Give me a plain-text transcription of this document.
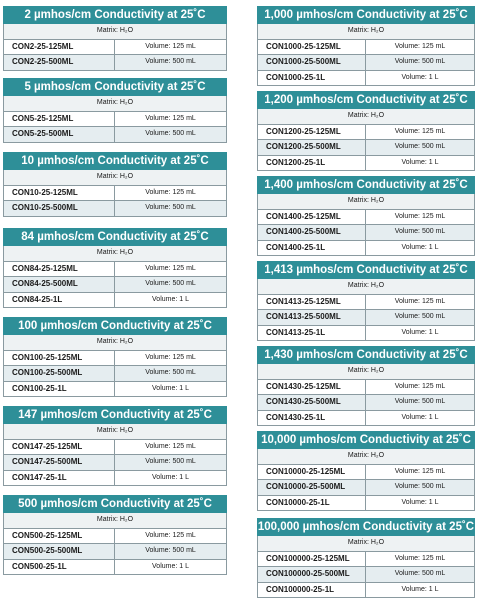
2 µmhos/cm Conductivity at 25˚C
Matrix: H₂O
CON2-25-125ML	Volume: 125 mL
CON2-25-500ML	Volume: 500 mL
5 µmhos/cm Conductivity at 25˚C
Matrix: H₂O
CON5-25-125ML	Volume: 125 mL
CON5-25-500ML	Volume: 500 mL
10 µmhos/cm Conductivity at 25˚C
Matrix: H₂O
CON10-25-125ML	Volume: 125 mL
CON10-25-500ML	Volume: 500 mL
84 µmhos/cm Conductivity at 25˚C
Matrix: H₂O
CON84-25-125ML	Volume: 125 mL
CON84-25-500ML	Volume: 500 mL
CON84-25-1L	Volume: 1 L
100 µmhos/cm Conductivity at 25˚C
Matrix: H₂O
CON100-25-125ML	Volume: 125 mL
CON100-25-500ML	Volume: 500 mL
CON100-25-1L	Volume: 1 L
147 µmhos/cm Conductivity at 25˚C
Matrix: H₂O
CON147-25-125ML	Volume: 125 mL
CON147-25-500ML	Volume: 500 mL
CON147-25-1L	Volume: 1 L
500 µmhos/cm Conductivity at 25˚C
Matrix: H₂O
CON500-25-125ML	Volume: 125 mL
CON500-25-500ML	Volume: 500 mL
CON500-25-1L	Volume: 1 L
1,000 µmhos/cm Conductivity at 25˚C
Matrix: H₂O
CON1000-25-125ML	Volume: 125 mL
CON1000-25-500ML	Volume: 500 mL
CON1000-25-1L	Volume: 1 L
1,200 µmhos/cm Conductivity at 25˚C
Matrix: H₂O
CON1200-25-125ML	Volume: 125 mL
CON1200-25-500ML	Volume: 500 mL
CON1200-25-1L	Volume: 1 L
1,400 µmhos/cm Conductivity at 25˚C
Matrix: H₂O
CON1400-25-125ML	Volume: 125 mL
CON1400-25-500ML	Volume: 500 mL
CON1400-25-1L	Volume: 1 L
1,413 µmhos/cm Conductivity at 25˚C
Matrix: H₂O
CON1413-25-125ML	Volume: 125 mL
CON1413-25-500ML	Volume: 500 mL
CON1413-25-1L	Volume: 1 L
1,430 µmhos/cm Conductivity at 25˚C
Matrix: H₂O
CON1430-25-125ML	Volume: 125 mL
CON1430-25-500ML	Volume: 500 mL
CON1430-25-1L	Volume: 1 L
10,000 µmhos/cm Conductivity at 25˚C
Matrix: H₂O
CON10000-25-125ML	Volume: 125 mL
CON10000-25-500ML	Volume: 500 mL
CON10000-25-1L	Volume: 1 L
100,000 µmhos/cm Conductivity at 25˚C
Matrix: H₂O
CON100000-25-125ML	Volume: 125 mL
CON100000-25-500ML	Volume: 500 mL
CON100000-25-1L	Volume: 1 L
